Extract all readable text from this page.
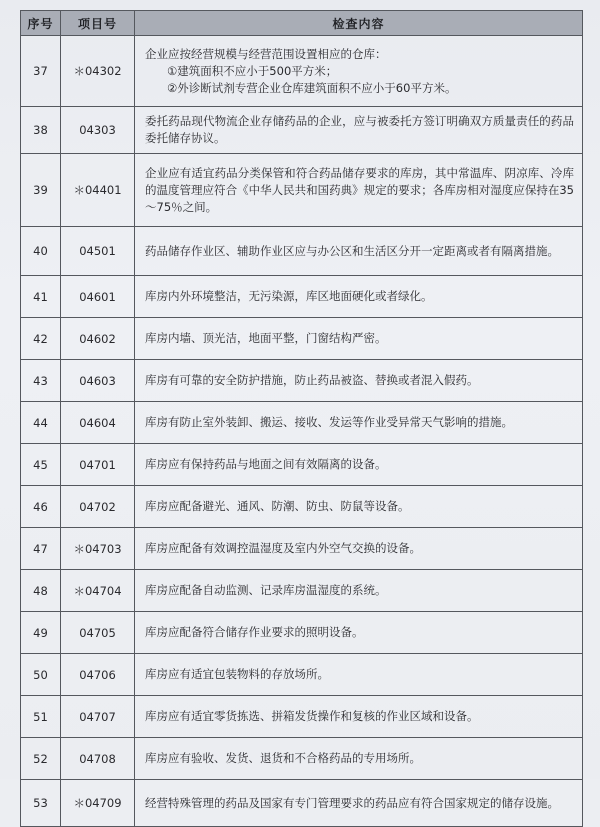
序号	项目号	检查内容
37	＊04302	企业应按经营规模与经营范围设置相应的仓库：
①建筑面积不应小于500平方米；
②外诊断试剂专营企业仓库建筑面积不应小于60平方米。

38	04303	委托药品现代物流企业存储药品的企业，应与被委托方签订明确双方质量责任的药品委托储存协议。
39	＊04401	企业应有适宜药品分类保管和符合药品储存要求的库房，其中常温库、阴凉库、冷库的温度管理应符合《中华人民共和国药典》规定的要求；各库房相对湿度应保持在35～75％之间。
40	04501	药品储存作业区、辅助作业区应与办公区和生活区分开一定距离或者有隔离措施。
41	04601	库房内外环境整洁，无污染源，库区地面硬化或者绿化。
42	04602	库房内墙、顶光洁，地面平整，门窗结构严密。
43	04603	库房有可靠的安全防护措施，防止药品被盗、替换或者混入假药。
44	04604	库房有防止室外装卸、搬运、接收、发运等作业受异常天气影响的措施。
45	04701	库房应有保持药品与地面之间有效隔离的设备。
46	04702	库房应配备避光、通风、防潮、防虫、防鼠等设备。
47	＊04703	库房应配备有效调控温湿度及室内外空气交换的设备。
48	＊04704	库房应配备自动监测、记录库房温湿度的系统。
49	04705	库房应配备符合储存作业要求的照明设备。
50	04706	库房应有适宜包装物料的存放场所。
51	04707	库房应有适宜零货拣选、拼箱发货操作和复核的作业区域和设备。
52	04708	库房应有验收、发货、退货和不合格药品的专用场所。
53	＊04709	经营特殊管理的药品及国家有专门管理要求的药品应有符合国家规定的储存设施。
